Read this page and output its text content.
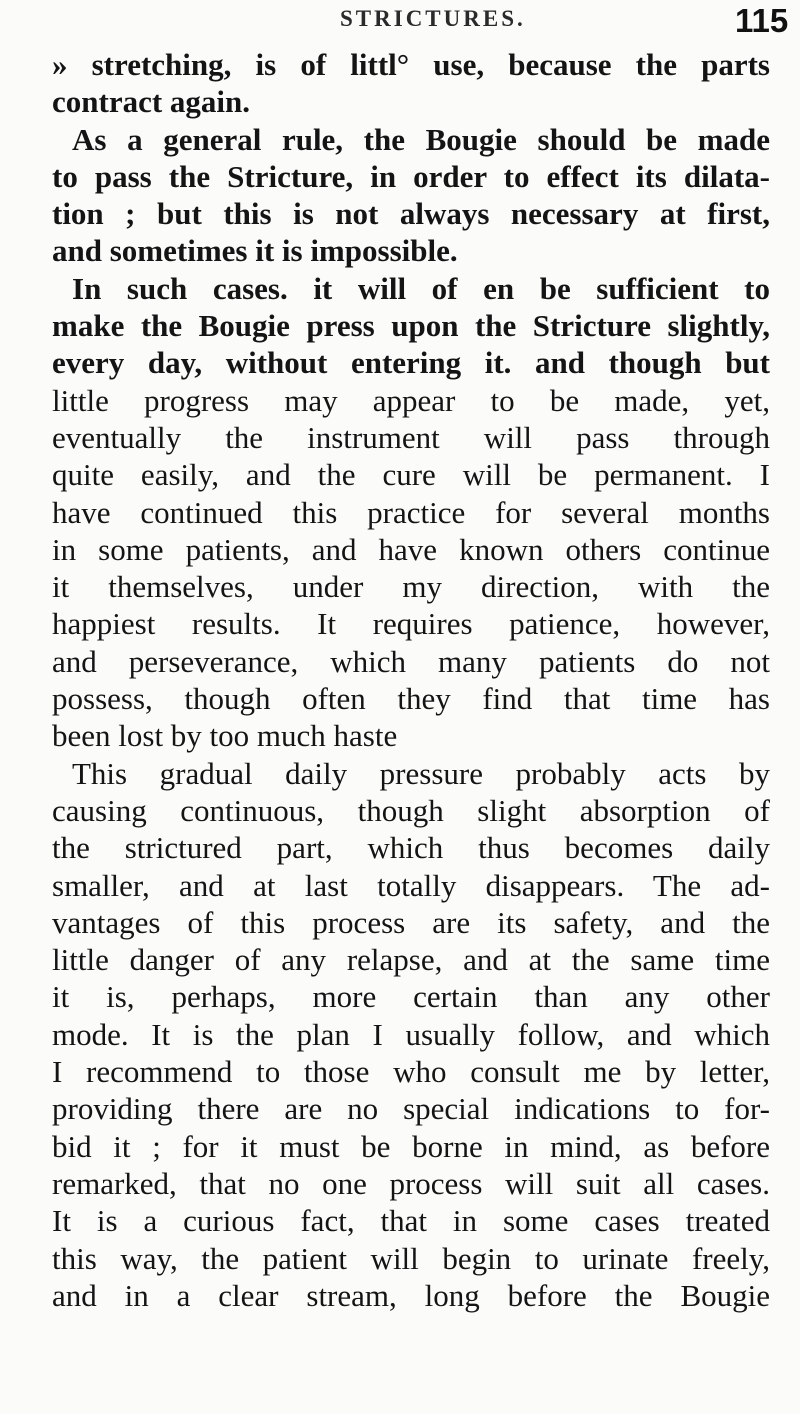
STRICTURES.	115
» stretching, is of littl° use, because the parts
contract again.
As a general rule, the Bougie should be made
to pass the Stricture, in order to effect its dilata-
tion ; but this is not always necessary at first,
and sometimes it is impossible.
In such cases. it will of en be sufficient to
make the Bougie press upon the Stricture slightly,
every day, without entering it. and though but
little progress may appear to be made, yet,
eventually the instrument will pass through
quite easily, and the cure will be permanent. I
have continued this practice for several months
in some patients, and have known others continue
it themselves, under my direction, with the
happiest results. It requires patience, however,
and perseverance, which many patients do not
possess, though often they find that time has
been lost by too much haste
This gradual daily pressure probably acts by
causing continuous, though slight absorption of
the strictured part, which thus becomes daily
smaller, and at last totally disappears. The ad-
vantages of this process are its safety, and the
little danger of any relapse, and at the same time
it is, perhaps, more certain than any other
mode. It is the plan I usually follow, and which
I recommend to those who consult me by letter,
providing there are no special indications to for-
bid it ; for it must be borne in mind, as before
remarked, that no one process will suit all cases.
It is a curious fact, that in some cases treated
this way, the patient will begin to urinate freely,
and in a clear stream, long before the Bougie
